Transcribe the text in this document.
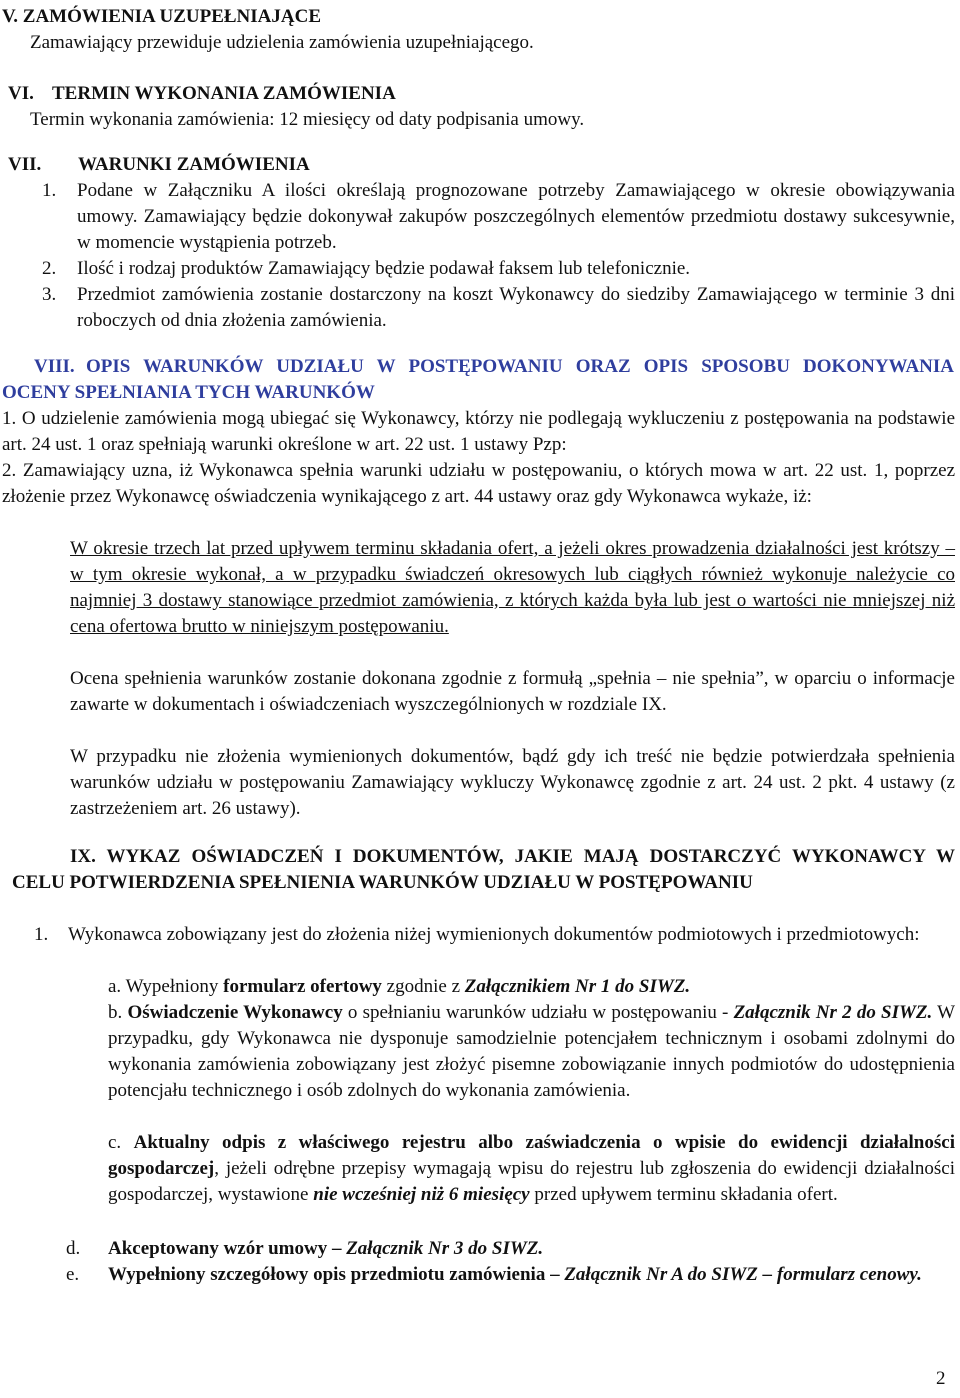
V. ZAMÓWIENIA UZUPEŁNIAJĄCE
Zamawiający przewiduje udzielenia zamówienia uzupełniającego.
VI. TERMIN WYKONANIA ZAMÓWIENIA
Termin wykonania zamówienia: 12 miesięcy od daty podpisania umowy.
VII. WARUNKI ZAMÓWIENIA
1. Podane w Załączniku A ilości określają prognozowane potrzeby Zamawiającego w okresie obowiązywania umowy. Zamawiający będzie dokonywał zakupów poszczególnych elementów przedmiotu dostawy sukcesywnie, w momencie wystąpienia potrzeb.
2. Ilość i rodzaj produktów Zamawiający będzie podawał faksem lub telefonicznie.
3. Przedmiot zamówienia zostanie dostarczony na koszt Wykonawcy do siedziby Zamawiającego w terminie 3 dni roboczych od dnia złożenia zamówienia.
VIII. OPIS WARUNKÓW UDZIAŁU W POSTĘPOWANIU ORAZ OPIS SPOSOBU DOKONYWANIA OCENY SPEŁNIANIA TYCH WARUNKÓW
1. O udzielenie zamówienia mogą ubiegać się Wykonawcy, którzy nie podlegają wykluczeniu z postępowania na podstawie art. 24 ust. 1 oraz spełniają warunki określone w art. 22 ust. 1 ustawy Pzp:
2. Zamawiający uzna, iż Wykonawca spełnia warunki udziału w postępowaniu, o których mowa w art. 22 ust. 1, poprzez złożenie przez Wykonawcę oświadczenia wynikającego z art. 44 ustawy oraz gdy Wykonawca wykaże, iż:
W okresie trzech lat przed upływem terminu składania ofert, a jeżeli okres prowadzenia działalności jest krótszy – w tym okresie wykonał, a w przypadku świadczeń okresowych lub ciągłych również wykonuje należycie co najmniej 3 dostawy stanowiące przedmiot zamówienia, z których każda była lub jest o wartości nie mniejszej niż cena ofertowa brutto w niniejszym postępowaniu.
Ocena spełnienia warunków zostanie dokonana zgodnie z formułą „spełnia – nie spełnia”, w oparciu o informacje zawarte w dokumentach i oświadczeniach wyszczególnionych w rozdziale IX.
W przypadku nie złożenia wymienionych dokumentów, bądź gdy ich treść nie będzie potwierdzała spełnienia warunków udziału w postępowaniu Zamawiający wykluczy Wykonawcę zgodnie z art. 24 ust. 2 pkt. 4 ustawy (z zastrzeżeniem art. 26 ustawy).
IX. WYKAZ OŚWIADCZEŃ I DOKUMENTÓW, JAKIE MAJĄ DOSTARCZYĆ WYKONAWCY W CELU POTWIERDZENIA SPEŁNIENIA WARUNKÓW UDZIAŁU W POSTĘPOWANIU
1. Wykonawca zobowiązany jest do złożenia niżej wymienionych dokumentów podmiotowych i przedmiotowych:
a. Wypełniony formularz ofertowy zgodnie z Załącznikiem Nr 1 do SIWZ.
b. Oświadczenie Wykonawcy o spełnianiu warunków udziału w postępowaniu - Załącznik Nr 2 do SIWZ. W przypadku, gdy Wykonawca nie dysponuje samodzielnie potencjałem technicznym i osobami zdolnymi do wykonania zamówienia zobowiązany jest złożyć pisemne zobowiązanie innych podmiotów do udostępnienia potencjału technicznego i osób zdolnych do wykonania zamówienia.
c. Aktualny odpis z właściwego rejestru albo zaświadczenia o wpisie do ewidencji działalności gospodarczej, jeżeli odrębne przepisy wymagają wpisu do rejestru lub zgłoszenia do ewidencji działalności gospodarczej, wystawione nie wcześniej niż 6 miesięcy przed upływem terminu składania ofert.
d. Akceptowany wzór umowy – Załącznik Nr 3 do SIWZ.
e. Wypełniony szczegółowy opis przedmiotu zamówienia – Załącznik Nr A do SIWZ – formularz cenowy.
2
